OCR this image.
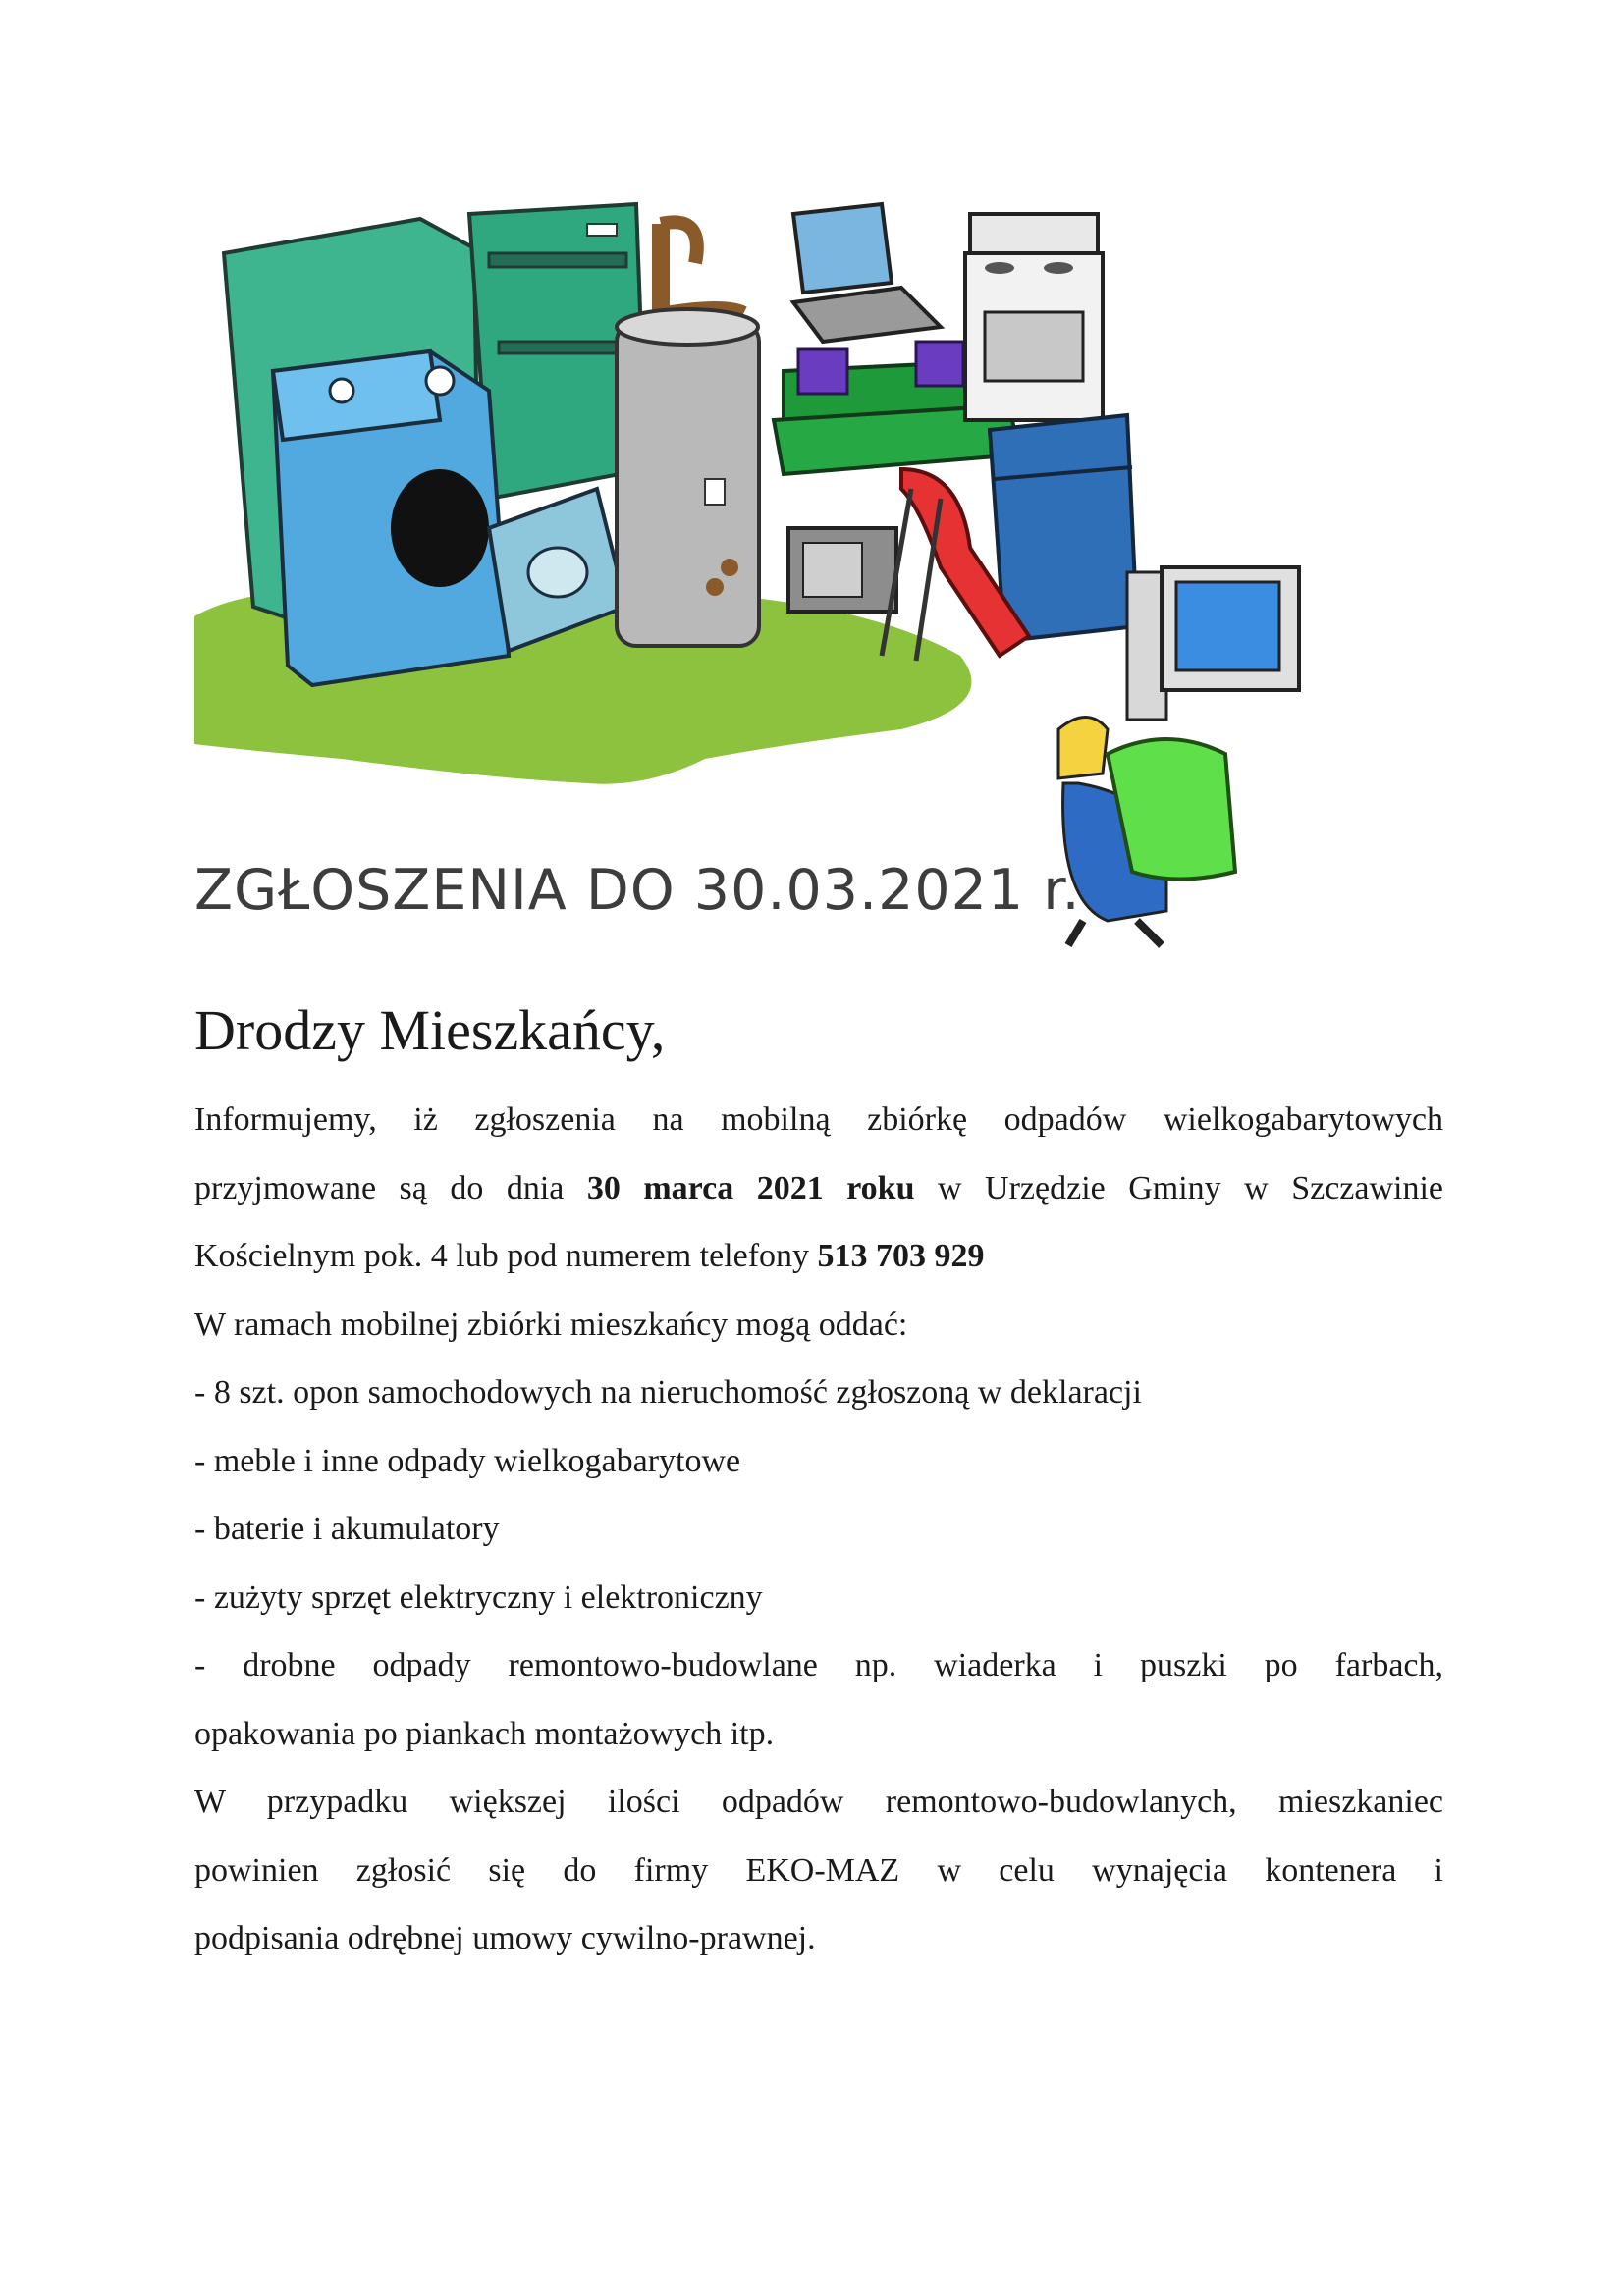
ZGŁOSZENIA DO 30.03.2021 r.
Drodzy Mieszkańcy,

Informujemy, iż zgłoszenia na mobilną zbiórkę odpadów wielkogabarytowych

przyjmowane są do dnia 30 marca 2021 roku w Urzędzie Gminy w Szczawinie

Kościelnym pok. 4 lub pod numerem telefony 513 703 929

W ramach mobilnej zbiórki mieszkańcy mogą oddać:

- 8 szt. opon samochodowych na nieruchomość zgłoszoną w deklaracji

- meble i inne odpady wielkogabarytowe

- baterie i akumulatory

- zużyty sprzęt elektryczny i elektroniczny

- drobne odpady remontowo-budowlane np. wiaderka i puszki po farbach,

opakowania po piankach montażowych itp.

W przypadku większej ilości odpadów remontowo-budowlanych, mieszkaniec

powinien zgłosić się do firmy EKO-MAZ w celu wynajęcia kontenera i

podpisania odrębnej umowy cywilno-prawnej.
